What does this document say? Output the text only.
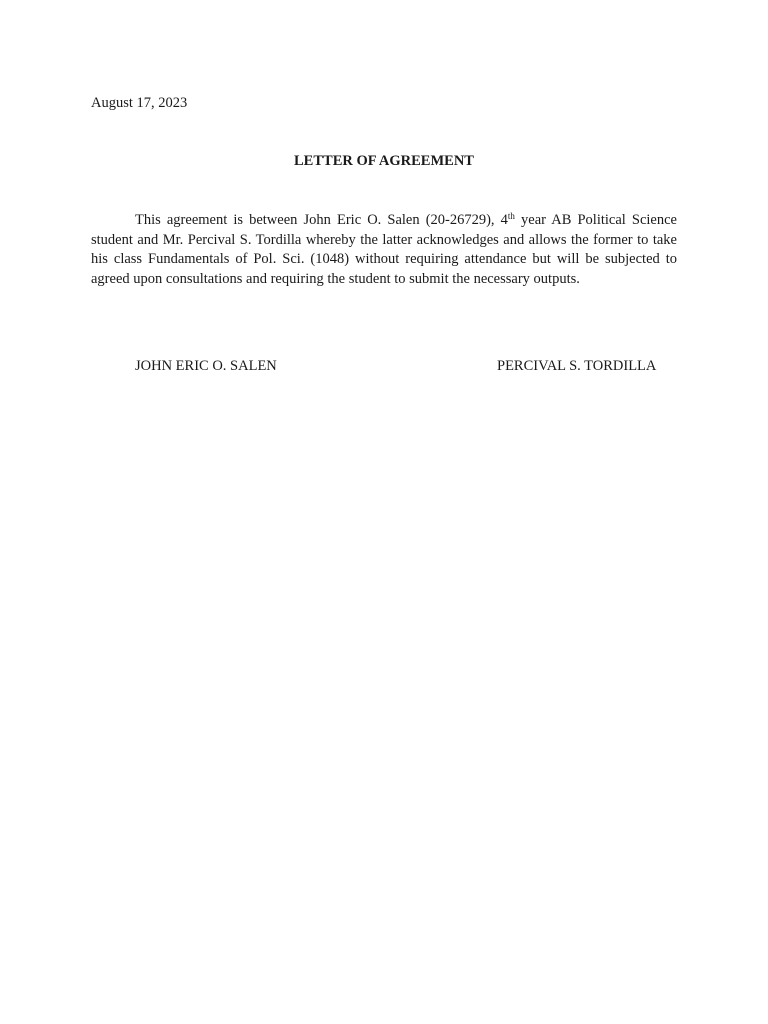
August 17, 2023
LETTER OF AGREEMENT

This agreement is between John Eric O. Salen (20-26729), 4th year AB Political Science student and Mr. Percival S. Tordilla whereby the latter acknowledges and allows the former to take his class Fundamentals of Pol. Sci. (1048) without requiring attendance but will be subjected to agreed upon consultations and requiring the student to submit the necessary outputs.

JOHN ERIC O. SALEN	PERCIVAL S. TORDILLA
